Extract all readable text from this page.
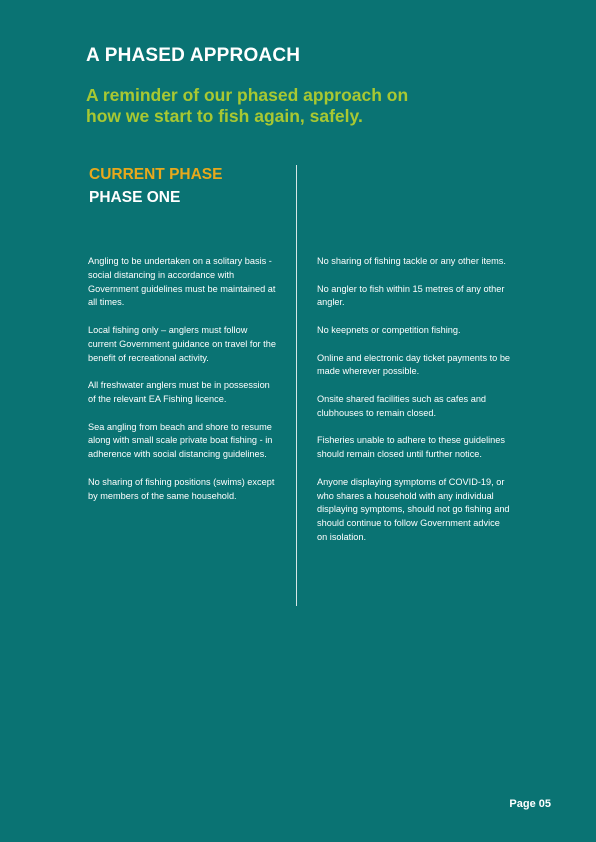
A PHASED APPROACH
A reminder of our phased approach on how we start to fish again, safely.
CURRENT PHASE
PHASE ONE

Angling to be undertaken on a solitary basis - social distancing in accordance with Government guidelines must be maintained at all times.

Local fishing only – anglers must follow current Government guidance on travel for the benefit of recreational activity.

All freshwater anglers must be in possession of the relevant EA Fishing licence.

Sea angling from beach and shore to resume along with small scale private boat fishing - in adherence with social distancing guidelines.

No sharing of fishing positions (swims) except by members of the same household.

No sharing of fishing tackle or any other items.

No angler to fish within 15 metres of any other angler.

No keepnets or competition fishing.

Online and electronic day ticket payments to be made wherever possible.

Onsite shared facilities such as cafes and clubhouses to remain closed.

Fisheries unable to adhere to these guidelines should remain closed until further notice.

Anyone displaying symptoms of COVID-19, or who shares a household with any individual displaying symptoms, should not go fishing and should continue to follow Government advice on isolation.

Page 05
